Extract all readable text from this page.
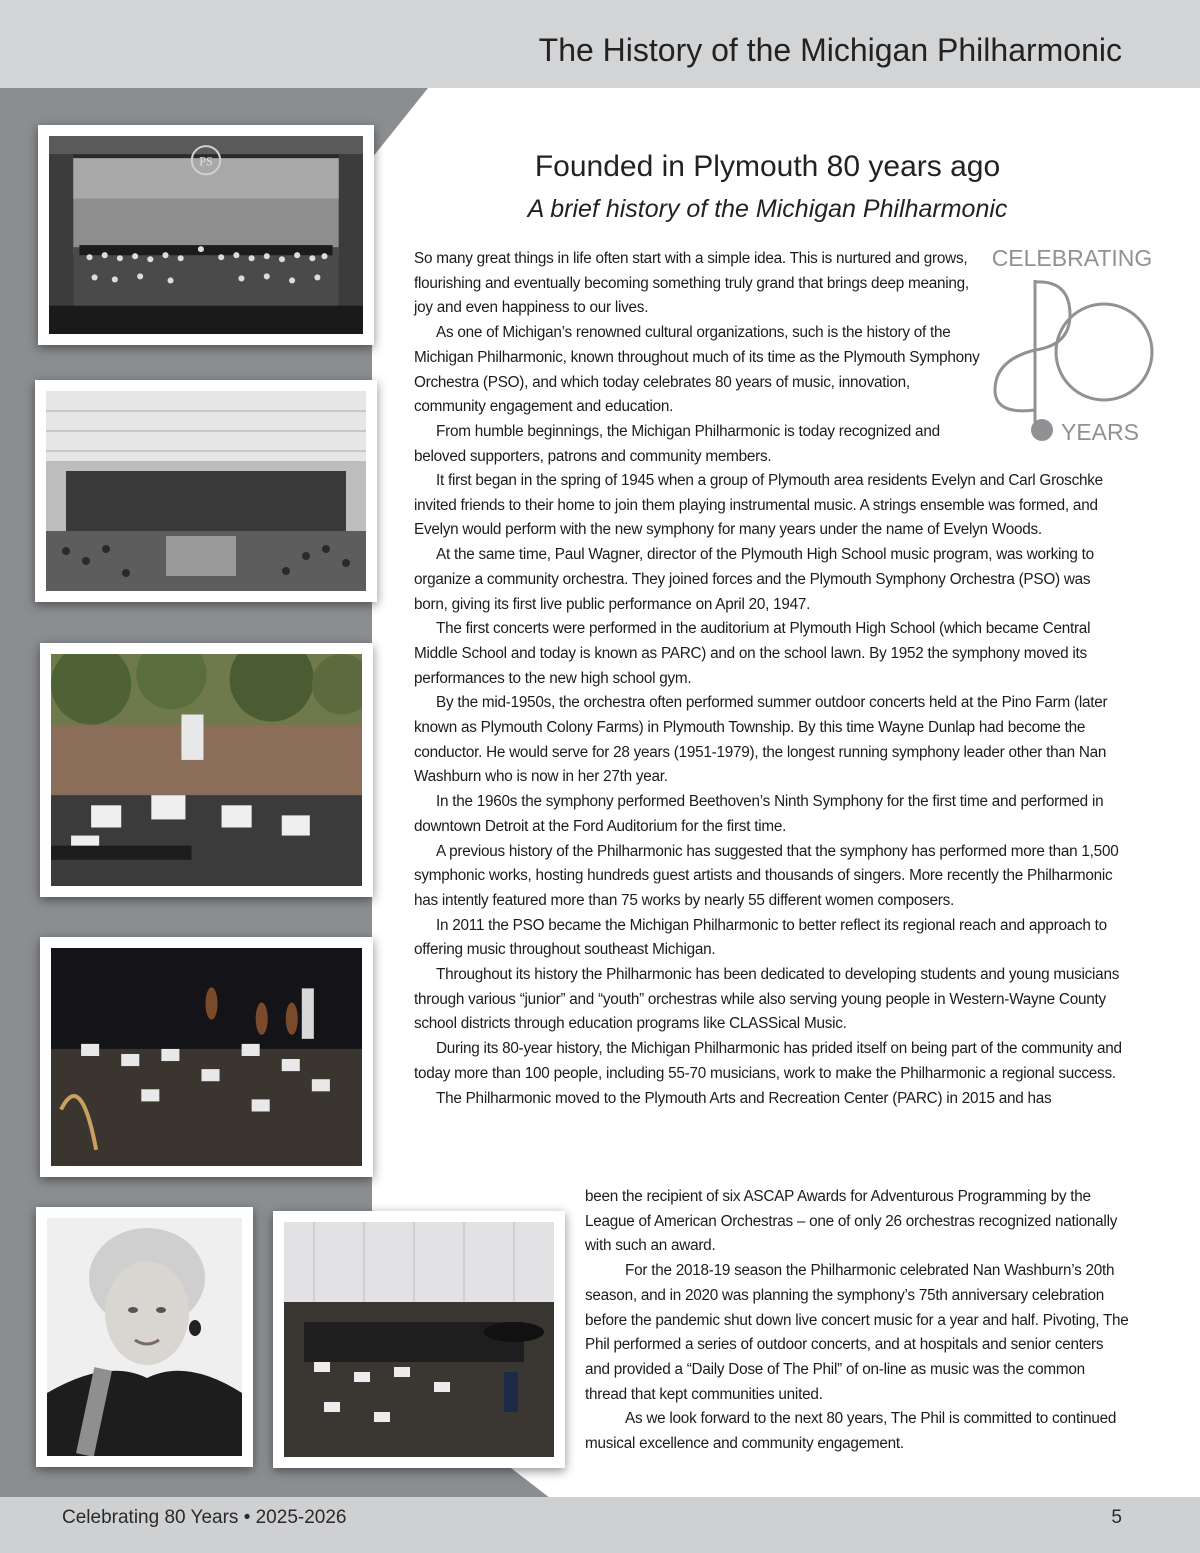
The History of the Michigan Philharmonic
PS	Founded in Plymouth 80 years ago
A brief history of the Michigan Philharmonic
CELEBRATING
YEARS

So many great things in life often start with a simple idea. This is nurtured and grows, flourishing and eventually becoming something truly grand that brings deep meaning, joy and even happiness to our lives.

As one of Michigan’s renowned cultural organizations, such is the history of the Michigan Philharmonic, known throughout much of its time as the Plymouth Symphony Orchestra (PSO), and which today celebrates 80 years of music, innovation, community engagement and education.

From humble beginnings, the Michigan Philharmonic is today recognized and beloved supporters, patrons and community members.

It first began in the spring of 1945 when a group of Plymouth area residents Evelyn and Carl Groschke invited friends to their home to join them playing instrumental music. A strings ensemble was formed, and Evelyn would perform with the new symphony for many years under the name of Evelyn Woods.

At the same time, Paul Wagner, director of the Plymouth High School music program, was working to organize a community orchestra. They joined forces and the Plymouth Symphony Orchestra (PSO) was born, giving its first live public performance on April 20, 1947.

The first concerts were performed in the auditorium at Plymouth High School (which became Central Middle School and today is known as PARC) and on the school lawn. By 1952 the symphony moved its performances to the new high school gym.

By the mid-1950s, the orchestra often performed summer outdoor concerts held at the Pino Farm (later known as Plymouth Colony Farms) in Plymouth Township. By this time Wayne Dunlap had become the conductor. He would serve for 28 years (1951-1979), the longest running symphony leader other than Nan Washburn who is now in her 27th year.

In the 1960s the symphony performed Beethoven’s Ninth Symphony for the first time and performed in downtown Detroit at the Ford Auditorium for the first time.

A previous history of the Philharmonic has suggested that the symphony has performed more than 1,500 symphonic works, hosting hundreds guest artists and thousands of singers. More recently the Philharmonic has intently featured more than 75 works by nearly 55 different women composers.

In 2011 the PSO became the Michigan Philharmonic to better reflect its regional reach and approach to offering music throughout southeast Michigan.

Throughout its history the Philharmonic has been dedicated to developing students and young musicians through various “junior” and “youth” orchestras while also serving young people in Western-Wayne County school districts through education programs like CLASSical Music.

During its 80-year history, the Michigan Philharmonic has prided itself on being part of the community and today more than 100 people, including 55-70 musicians, work to make the Philharmonic a regional success.

The Philharmonic moved to the Plymouth Arts and Recreation Center (PARC) in 2015 and has

been the recipient of six ASCAP Awards for Adventurous Programming by the League of American Orchestras – one of only 26 orchestras recognized nationally with such an award.

For the 2018-19 season the Philharmonic celebrated Nan Washburn’s 20th season, and in 2020 was planning the symphony’s 75th anniversary celebration before the pandemic shut down live concert music for a year and half. Pivoting, The Phil performed a series of outdoor concerts, and at hospitals and senior centers and provided a “Daily Dose of The Phil” of on-line as music was the common thread that kept communities united.

As we look forward to the next 80 years, The Phil is committed to continued musical excellence and community engagement.

Celebrating 80 Years • 2025-2026	5
